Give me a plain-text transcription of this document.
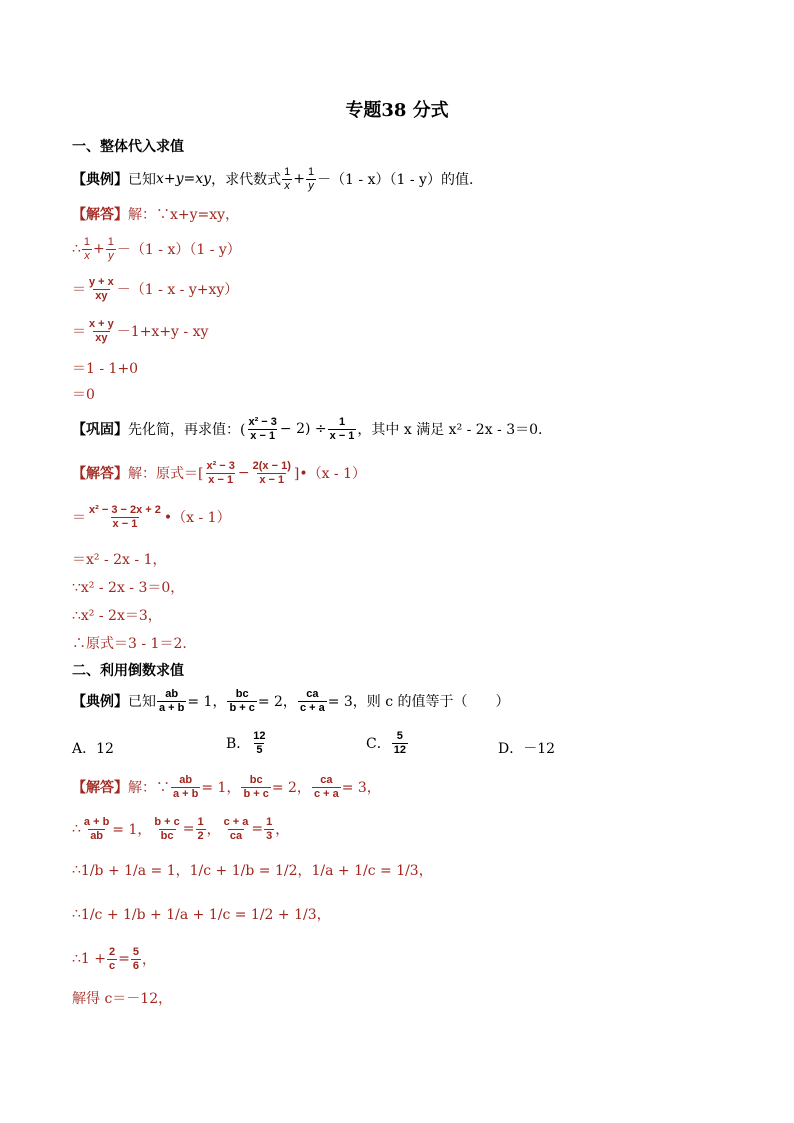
专题38 分式
一、整体代入求值
【典例】 已知 x+y=xy ，求代数式
1
$x + \frac{1}{y} -(1 - x)(1 - y)$的值.
【解答】 解：∵x+y=xy，
∴ 1
$x + \frac{1}{y} -(1 - x)(1 - y)$
＝
y + x
xy －（1 - x - y+xy）
＝
x + y
xy －1+x+y - xy
＝1 - 1+0
＝0
【巩固】 先化简，再求值：(
x² − 3
$x - 1 - 2) \div \frac{1}{x - 1}$ ，其中 x 满足 x² - 2x - 3＝0.
【解答】 解：原式＝[
x² − 3
$x - 1 - \frac{2(x - 1)}{x - 1}$ ]•（x - 1）
＝
x² − 3 − 2x + 2
x − 1 •（x - 1）
＝x² - 2x - 1，
∵x² - 2x - 3＝0，
∴x² - 2x＝3，
∴原式＝3 - 1＝2.
二、利用倒数求值
【典例】 已知 $\frac{ab}{a + b} = 1$， $\frac{bc}{b + c} = 2$， $\frac{ca}{c + a} = 3$，则 c 的值等于（　　）
A．12	B．
12
5	C．
5
12	D．－12
【解答】 解：∵ $\frac{ab}{a + b} = 1$， $\frac{bc}{b + c} = 2$， $\frac{ca}{c + a} = 3$，
∴ $\frac{a + b}{ab} = 1$， $\frac{b + c}{bc} = \frac{1}{2}$ ， $\frac{c + a}{ca} = \frac{1}{3}$ ，
∴ 1/b + 1/a = 1，1/c + 1/b = 1/2，1/a + 1/c = 1/3，
∴ 1/c + 1/b + 1/a + 1/c = 1/2 + 1/3，
∴1 + $\frac{2}{c} = \frac{5}{6}$ ，
解得 c＝－12，
